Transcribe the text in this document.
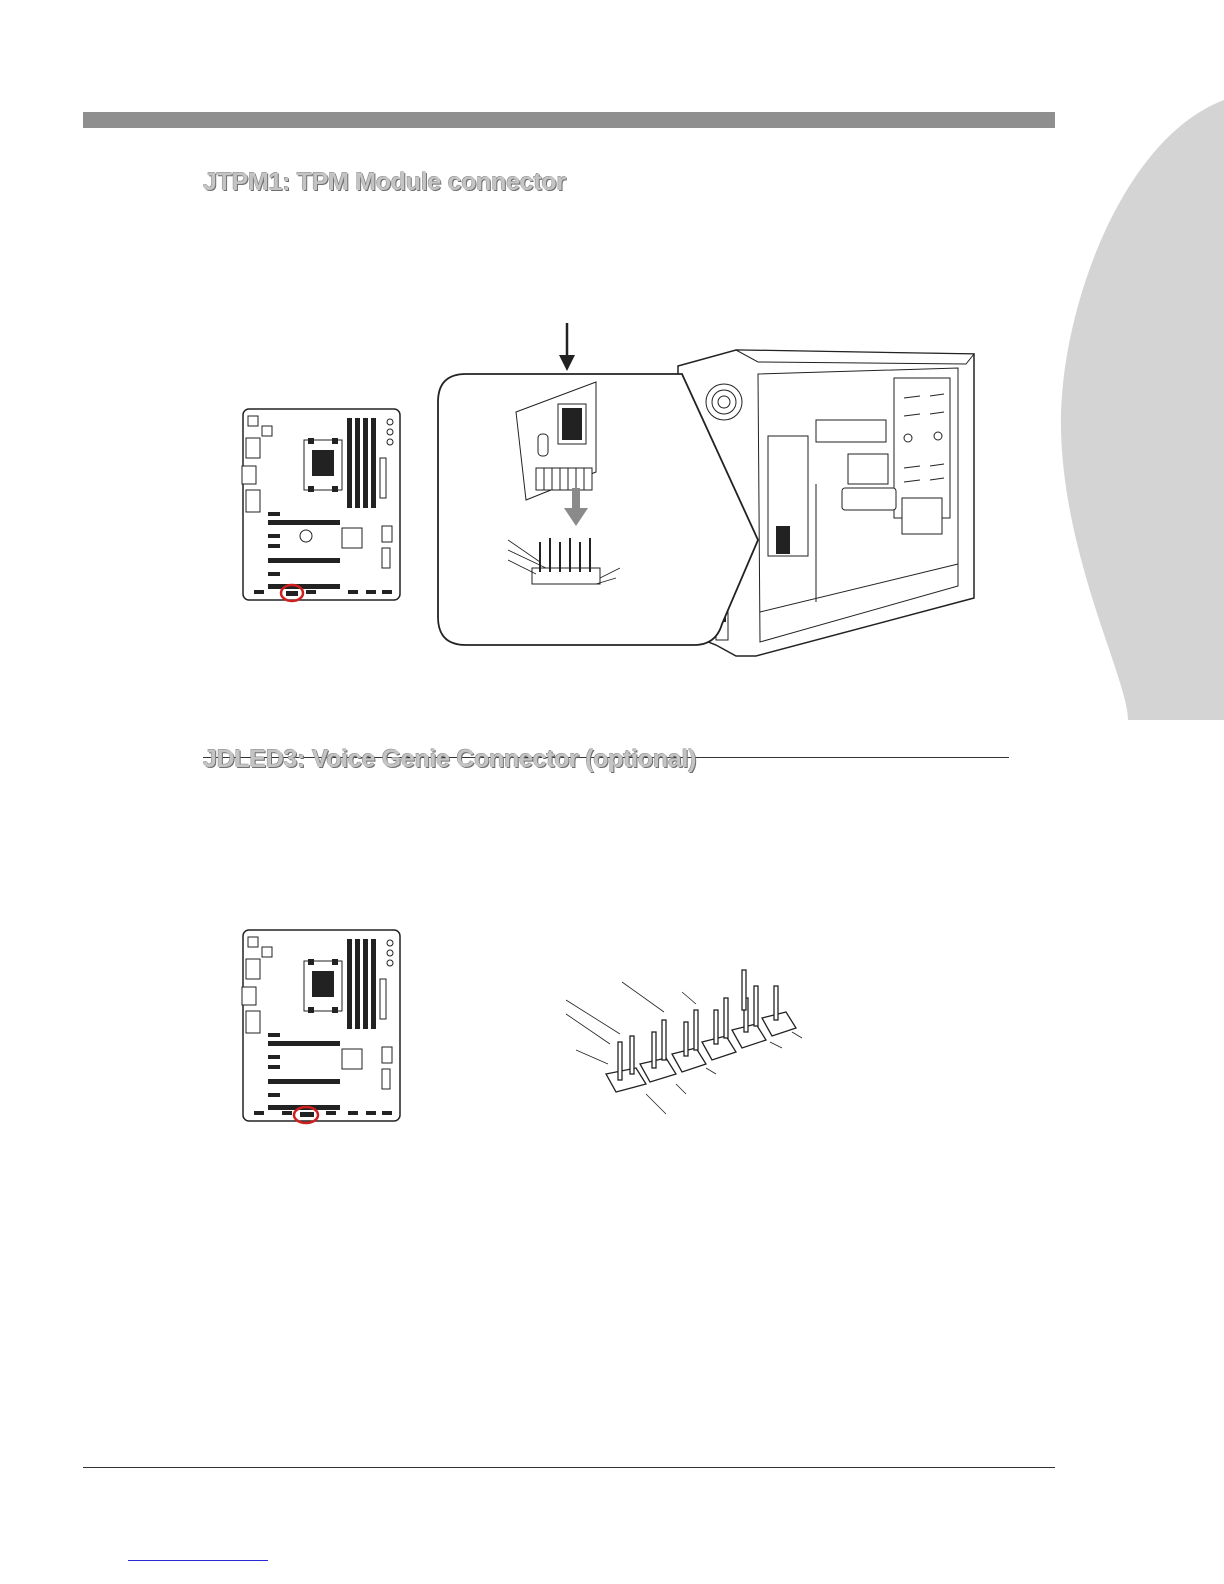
JTPM1: TPM Module connector
JDLED3: Voice Genie Connector (optional)
